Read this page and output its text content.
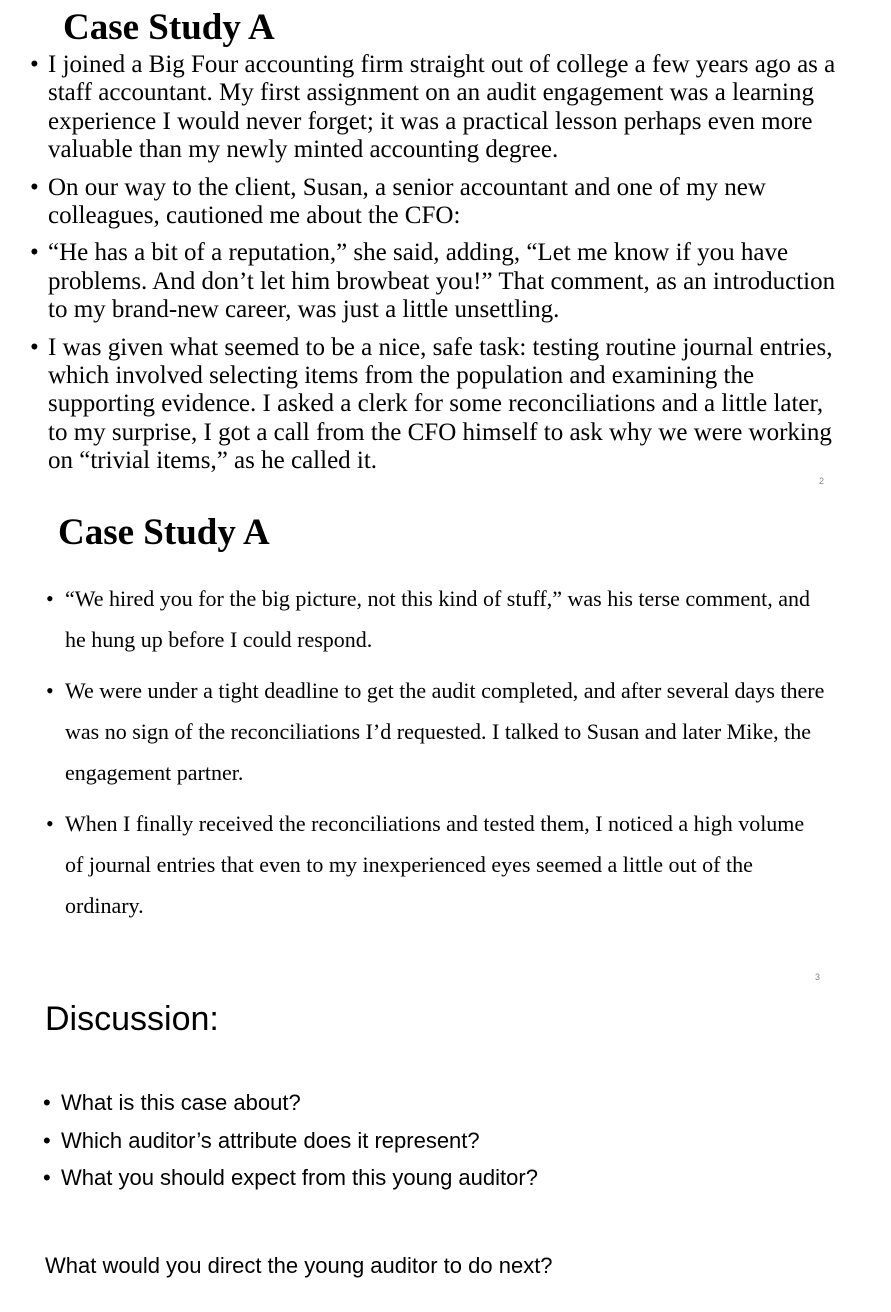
Case Study A
• I joined a Big Four accounting firm straight out of college a few years ago as a staff accountant. My first assignment on an audit engagement was a learning experience I would never forget; it was a practical lesson perhaps even more valuable than my newly minted accounting degree.
• On our way to the client, Susan, a senior accountant and one of my new colleagues, cautioned me about the CFO:
• “He has a bit of a reputation,” she said, adding, “Let me know if you have problems. And don’t let him browbeat you!” That comment, as an introduction to my brand-new career, was just a little unsettling.
• I was given what seemed to be a nice, safe task: testing routine journal entries, which involved selecting items from the population and examining the supporting evidence. I asked a clerk for some reconciliations and a little later, to my surprise, I got a call from the CFO himself to ask why we were working on “trivial items,” as he called it.
2
Case Study A
• “We hired you for the big picture, not this kind of stuff,” was his terse comment, and he hung up before I could respond.
• We were under a tight deadline to get the audit completed, and after several days there was no sign of the reconciliations I’d requested. I talked to Susan and later Mike, the engagement partner.
• When I finally received the reconciliations and tested them, I noticed a high volume of journal entries that even to my inexperienced eyes seemed a little out of the ordinary.
3
Discussion:
• What is this case about?
• Which auditor’s attribute does it represent?
• What you should expect from this young auditor?

What would you direct the young auditor to do next?
